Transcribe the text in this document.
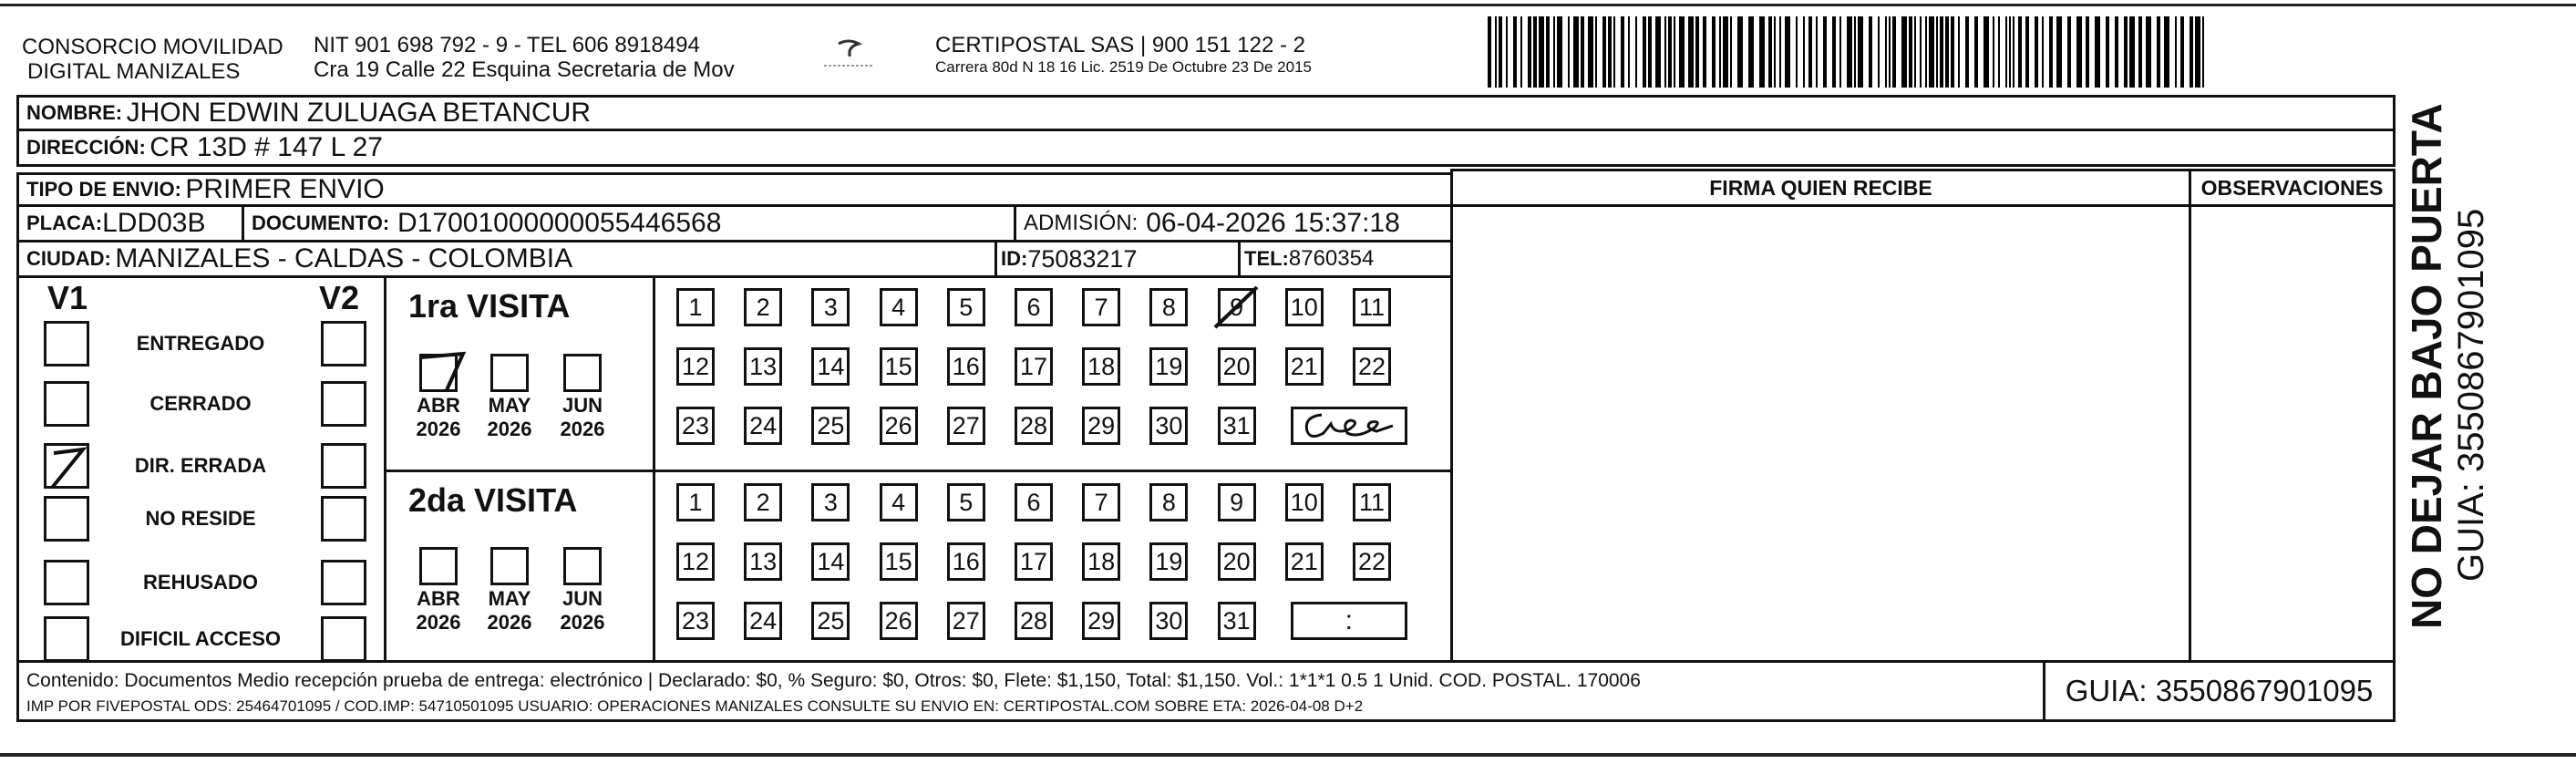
CONSORCIO MOVILIDAD
DIGITAL MANIZALES
NIT 901 698 792 - 9 - TEL 606 8918494
Cra 19 Calle 22 Esquina Secretaria de Mov
CERTIPOSTAL SAS | 900 151 122 - 2
Carrera 80d N 18 16 Lic. 2519 De Octubre 23 De 2015
NOMBRE:
JHON EDWIN ZULUAGA BETANCUR
DIRECCIÓN:
CR 13D # 147 L 27
TIPO DE ENVIO:
PRIMER ENVIO
PLACA: LDD03B DOCUMENTO:
D17001000000055446568	ADMISIÓN:
06-04-2026 15:37:18
CIUDAD:
MANIZALES - CALDAS - COLOMBIA	ID: 75083217	TEL: 8760354
FIRMA QUIEN RECIBE	OBSERVACIONES
V1	V2
ENTREGADO
CERRADO
DIR. ERRADA
NO RESIDE
REHUSADO
DIFICIL ACCESO
1ra VISITA
2da VISITA
ABR
2026
MAY
2026
JUN
2026
ABR
2026
MAY
2026
JUN
2026
1	2	3	4	5	6	7	8	9	10 11
12 13 14 15 16 17 18 19 20 21 22
23 24 25 26 27 28 29 30 31
1	2	3	4	5	6	7	8	9	10 11
12 13 14 15 16 17 18 19 20 21 22
23 24 25 26 27 28 29 30 31	:
Contenido: Documentos Medio recepción prueba de entrega: electrónico | Declarado: $0, % Seguro: $0, Otros: $0, Flete: $1,150, Total: $1,150. Vol.: 1*1*1 0.5 1 Unid. COD. POSTAL. 170006
IMP POR FIVEPOSTAL ODS: 25464701095 / COD.IMP: 54710501095 USUARIO: OPERACIONES MANIZALES CONSULTE SU ENVIO EN: CERTIPOSTAL.COM SOBRE ETA: 2026-04-08 D+2	GUIA: 3550867901095
NO DEJAR BAJO PUERTA GUIA: 3550867901095
